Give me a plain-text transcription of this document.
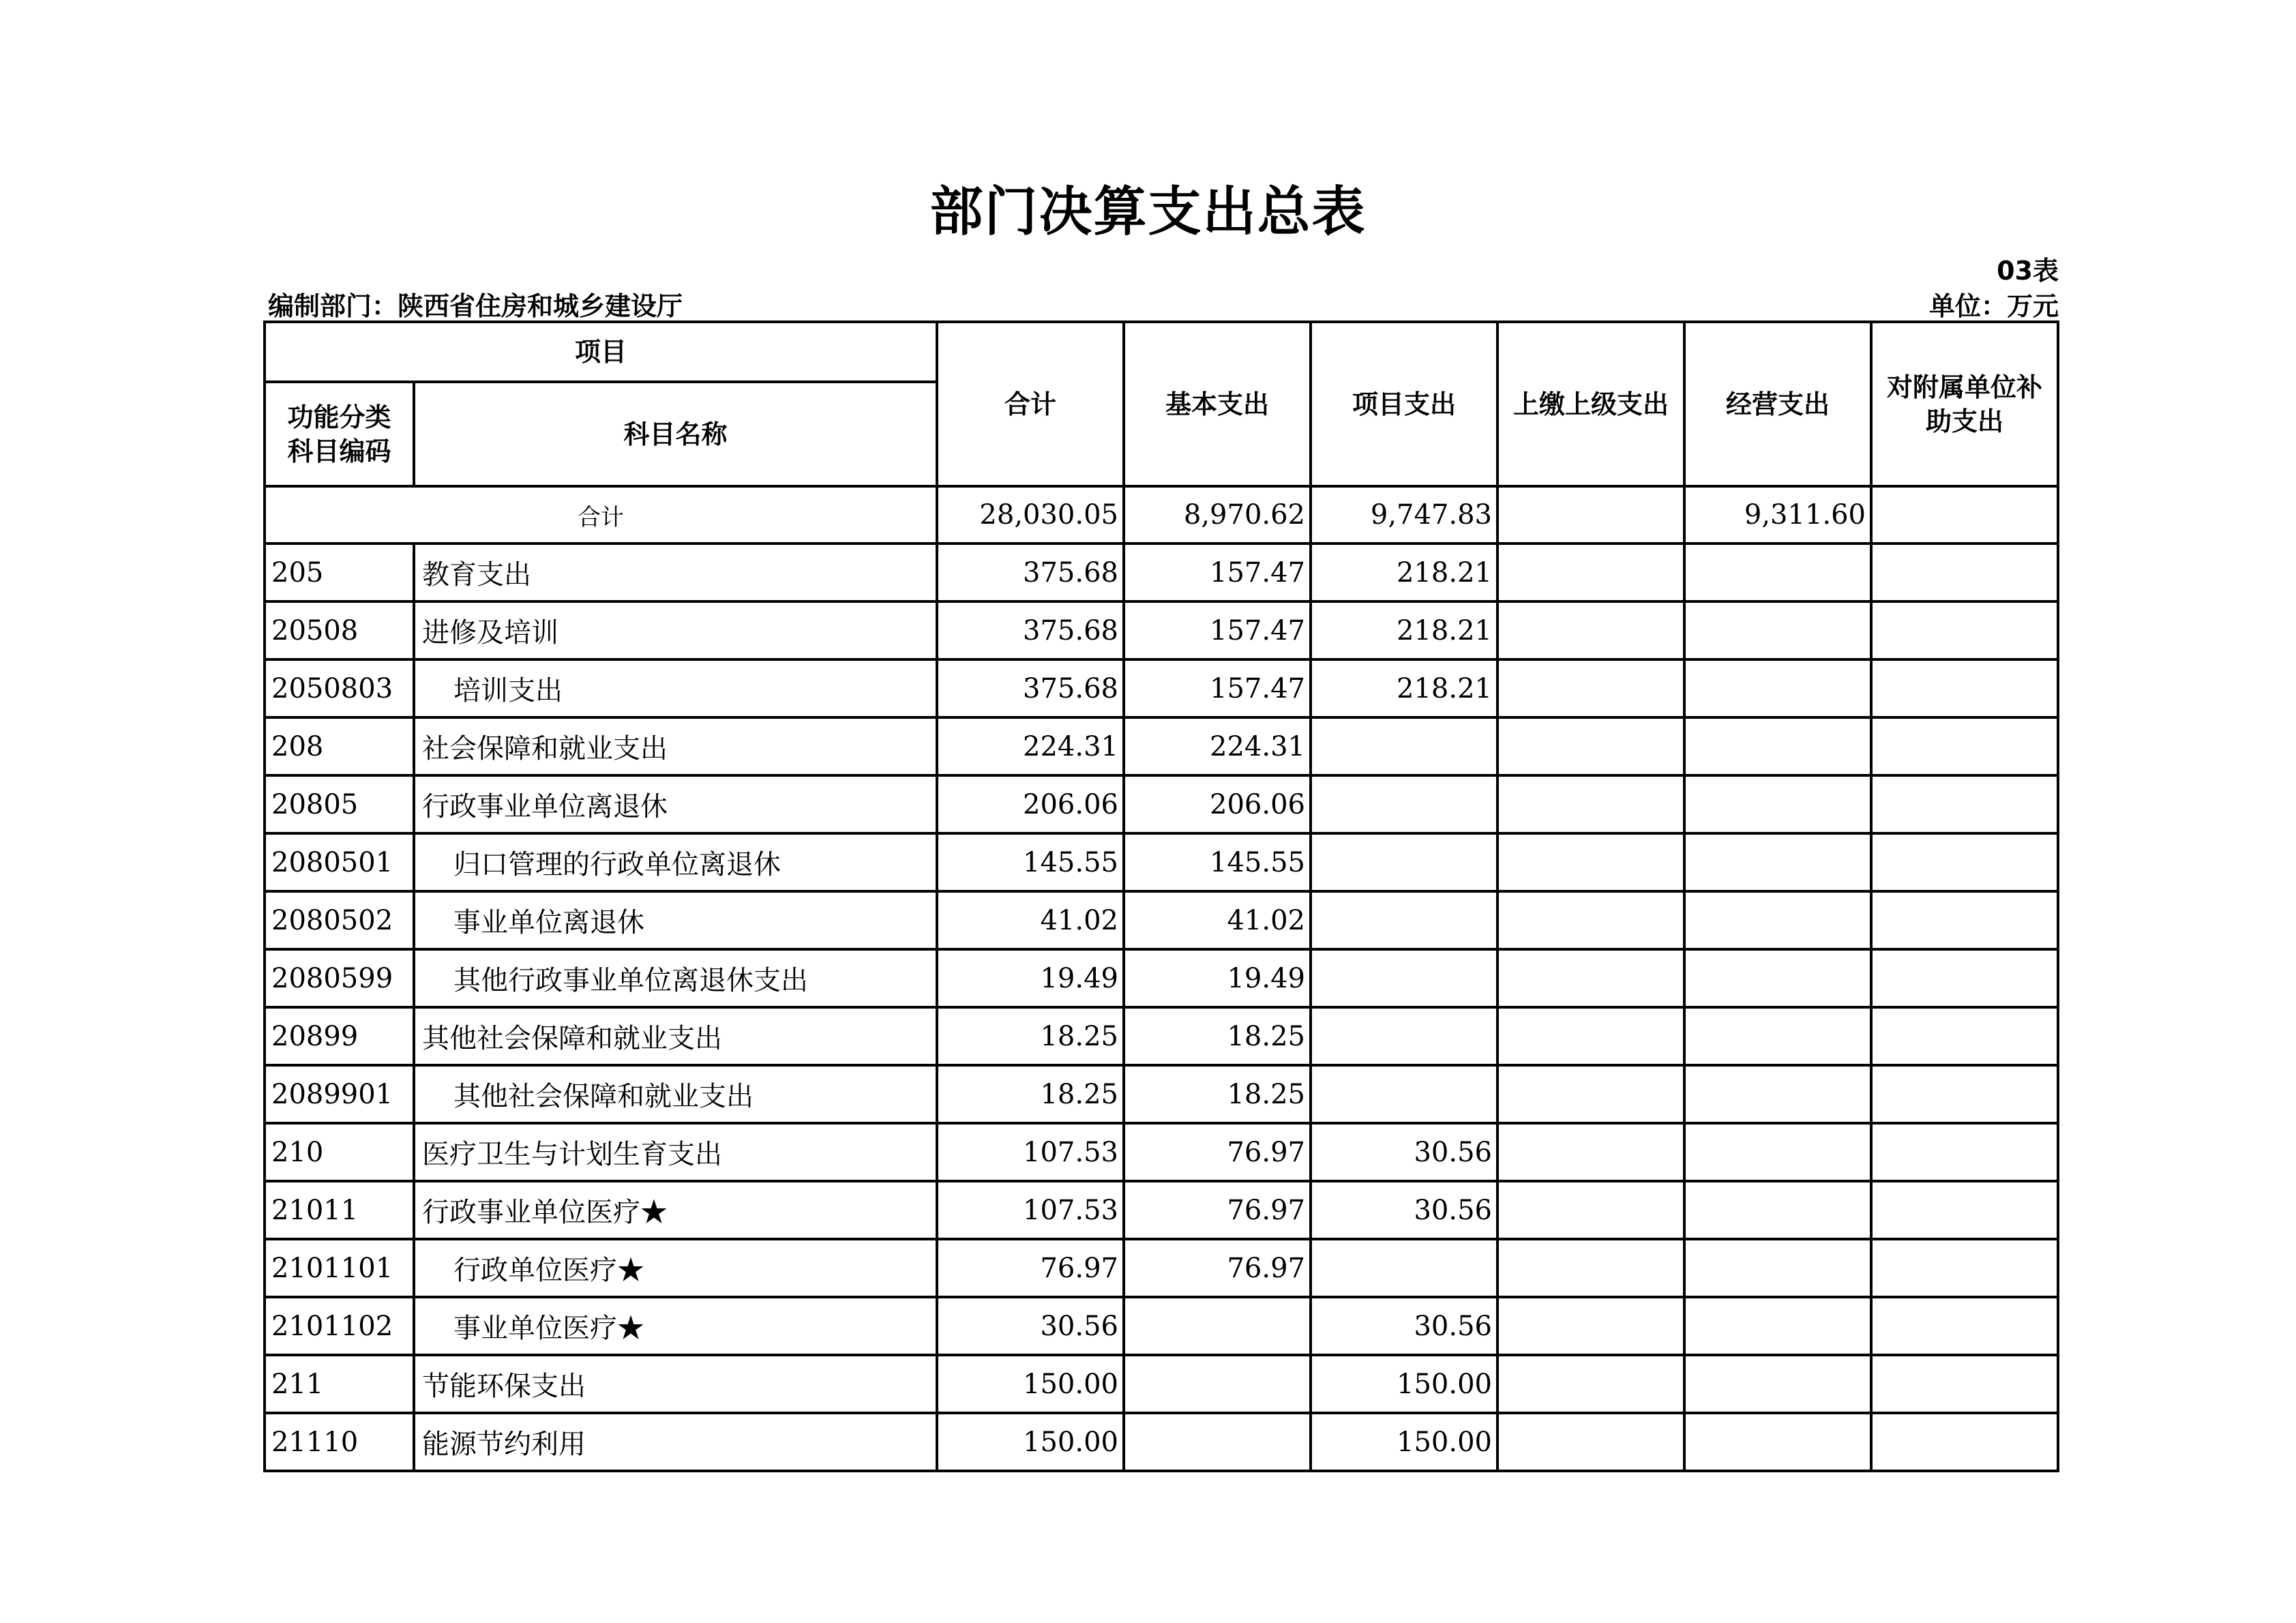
部门决算支出总表
03表
编制部门：陕西省住房和城乡建设厅	单位：万元
项目		合计	基本支出	项目支出	上缴上级支出	经营支出	对附属单位补助支出
功能分类科目编码	科目名称						
合计		28,030.05	8,970.62	9,747.83		9,311.60	
205	教育支出	375.68	157.47	218.21			
20508	进修及培训	375.68	157.47	218.21			
2050803	培训支出	375.68	157.47	218.21			
208	社会保障和就业支出	224.31	224.31				
20805	行政事业单位离退休	206.06	206.06				
2080501	归口管理的行政单位离退休	145.55	145.55				
2080502	事业单位离退休	41.02	41.02				
2080599	其他行政事业单位离退休支出	19.49	19.49				
20899	其他社会保障和就业支出	18.25	18.25				
2089901	其他社会保障和就业支出	18.25	18.25				
210	医疗卫生与计划生育支出	107.53	76.97	30.56			
21011	行政事业单位医疗★	107.53	76.97	30.56			
2101101	行政单位医疗★	76.97	76.97				
2101102	事业单位医疗★	30.56		30.56			
211	节能环保支出	150.00		150.00			
21110	能源节约利用	150.00		150.00			
